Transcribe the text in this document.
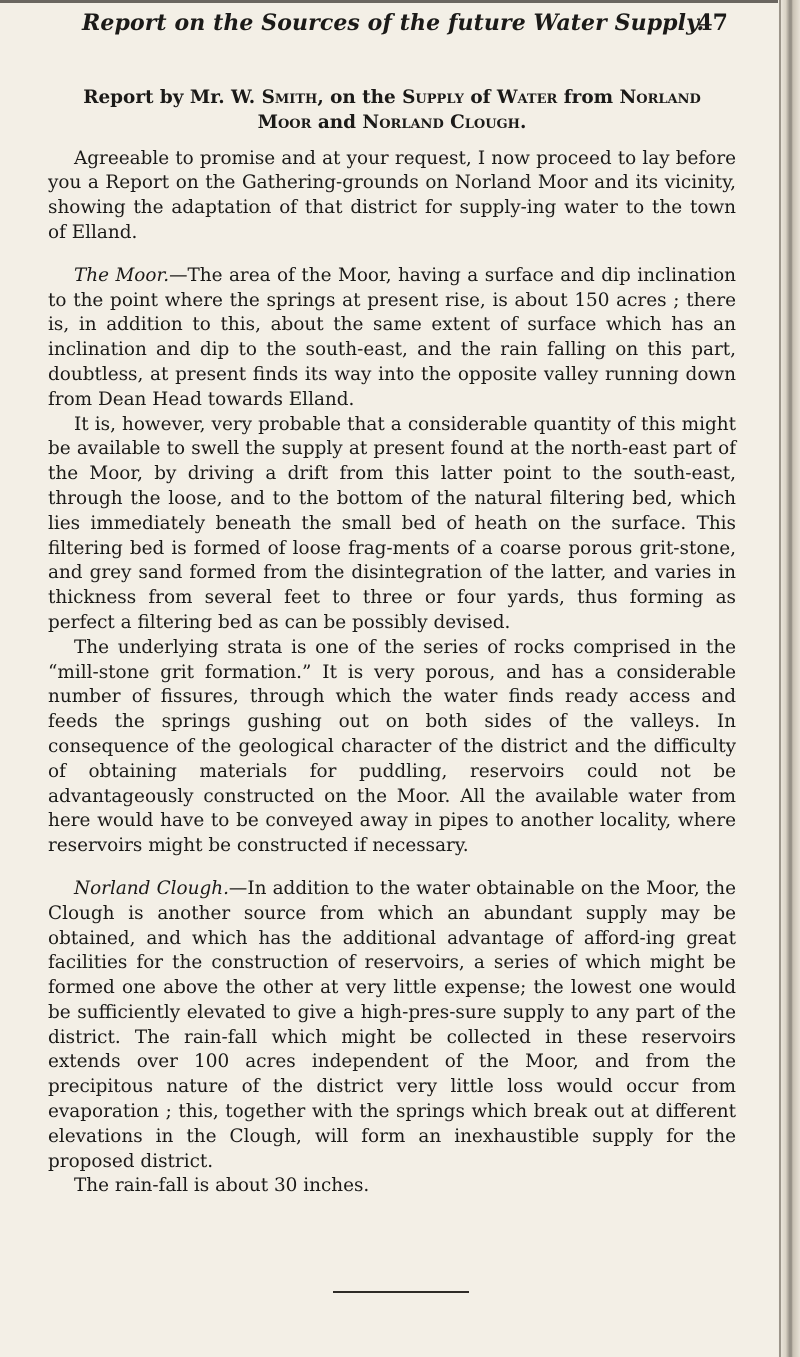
Report on the Sources of the future Water Supply.
47
Report by Mr. W. Smith, on the Supply of Water from Norland
Moor and Norland Clough.

Agreeable to promise and at your request, I now proceed to lay before you a Report on the Gathering-grounds on Norland Moor and its vicinity, showing the adaptation of that district for supply-ing water to the town of Elland.

The Moor.—The area of the Moor, having a surface and dip inclination to the point where the springs at present rise, is about 150 acres ; there is, in addition to this, about the same extent of surface which has an inclination and dip to the south-east, and the rain falling on this part, doubtless, at present finds its way into the opposite valley running down from Dean Head towards Elland.

It is, however, very probable that a considerable quantity of this might be available to swell the supply at present found at the north-east part of the Moor, by driving a drift from this latter point to the south-east, through the loose, and to the bottom of the natural filtering bed, which lies immediately beneath the small bed of heath on the surface. This filtering bed is formed of loose frag-ments of a coarse porous grit-stone, and grey sand formed from the disintegration of the latter, and varies in thickness from several feet to three or four yards, thus forming as perfect a filtering bed as can be possibly devised.

The underlying strata is one of the series of rocks comprised in the “mill-stone grit formation.” It is very porous, and has a considerable number of fissures, through which the water finds ready access and feeds the springs gushing out on both sides of the valleys. In consequence of the geological character of the district and the difficulty of obtaining materials for puddling, reservoirs could not be advantageously constructed on the Moor. All the available water from here would have to be conveyed away in pipes to another locality, where reservoirs might be constructed if necessary.

Norland Clough.—In addition to the water obtainable on the Moor, the Clough is another source from which an abundant supply may be obtained, and which has the additional advantage of afford-ing great facilities for the construction of reservoirs, a series of which might be formed one above the other at very little expense; the lowest one would be sufficiently elevated to give a high-pres-sure supply to any part of the district. The rain-fall which might be collected in these reservoirs extends over 100 acres independent of the Moor, and from the precipitous nature of the district very little loss would occur from evaporation ; this, together with the springs which break out at different elevations in the Clough, will form an inexhaustible supply for the proposed district.

The rain-fall is about 30 inches.
